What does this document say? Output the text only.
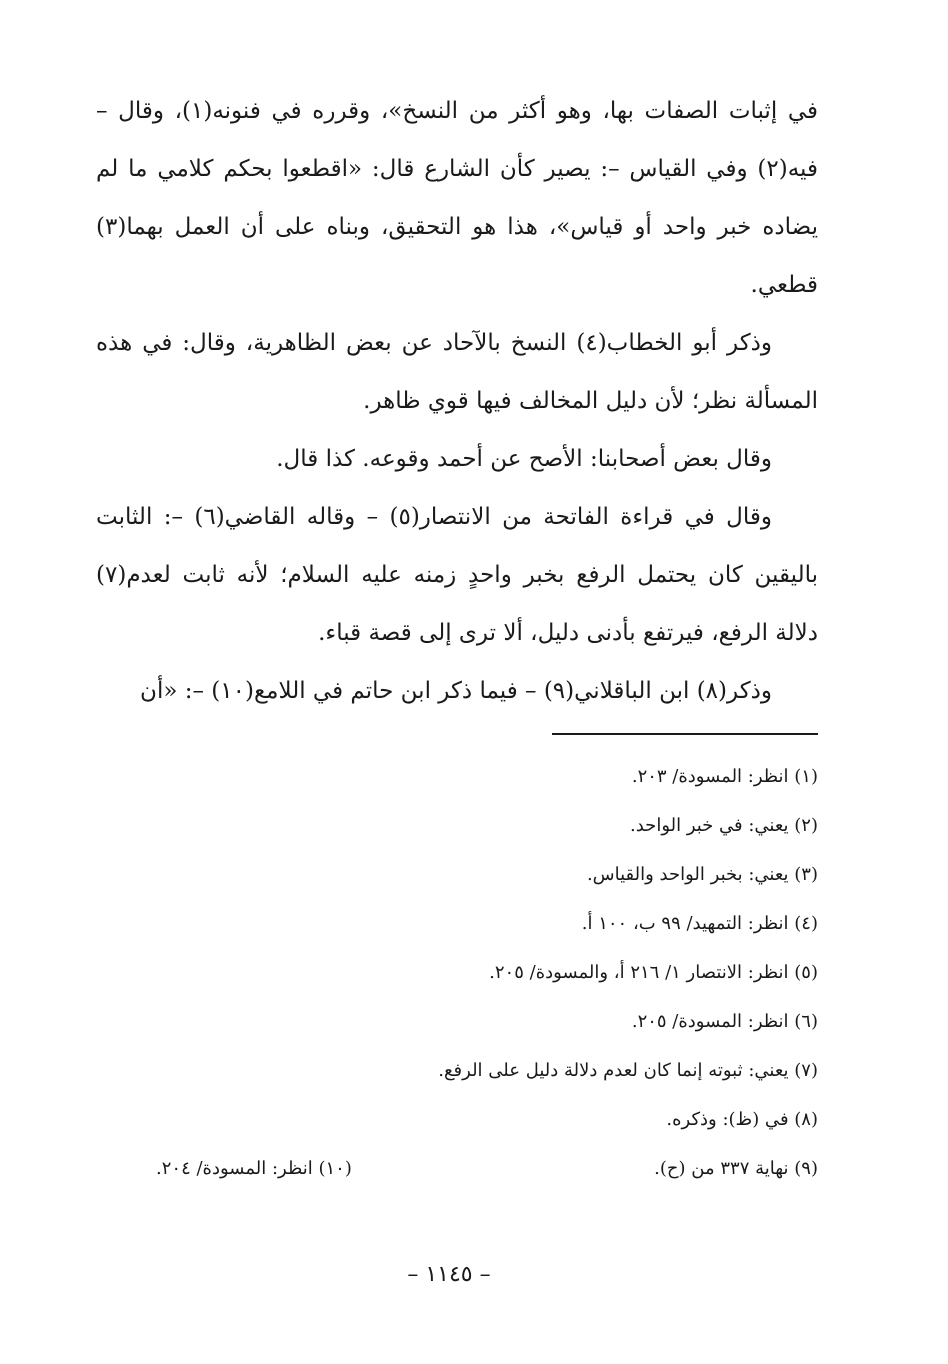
في إثبات الصفات بها، وهو أكثر من النسخ»، وقرره في فنونه(١)، وقال – فيه(٢) وفي القياس –: يصير كأن الشارع قال: «اقطعوا بحكم كلامي ما لم يضاده خبر واحد أو قياس»، هذا هو التحقيق، وبناه على أن العمل بهما(٣) قطعي.

وذكر أبو الخطاب(٤) النسخ بالآحاد عن بعض الظاهرية، وقال: في هذه المسألة نظر؛ لأن دليل المخالف فيها قوي ظاهر.

وقال بعض أصحابنا: الأصح عن أحمد وقوعه. كذا قال.

وقال في قراءة الفاتحة من الانتصار(٥) – وقاله القاضي(٦) –: الثابت باليقين كان يحتمل الرفع بخبر واحدٍ زمنه عليه السلام؛ لأنه ثابت لعدم(٧) دلالة الرفع، فيرتفع بأدنى دليل، ألا ترى إلى قصة قباء.

وذكر(٨) ابن الباقلاني(٩) – فيما ذكر ابن حاتم في اللامع(١٠) –: «أن

(١) انظر: المسودة/ ٢٠٣.
(٢) يعني: في خبر الواحد.
(٣) يعني: بخبر الواحد والقياس.
(٤) انظر: التمهيد/ ٩٩ ب، ١٠٠ أ.
(٥) انظر: الانتصار ١/ ٢١٦ أ، والمسودة/ ٢٠٥.
(٦) انظر: المسودة/ ٢٠٥.
(٧) يعني: ثبوته إنما كان لعدم دلالة دليل على الرفع.
(٨) في (ظ): وذكره.
(٩) نهاية ٣٣٧ من (ح).
(١٠) انظر: المسودة/ ٢٠٤.
– ١١٤٥ –
